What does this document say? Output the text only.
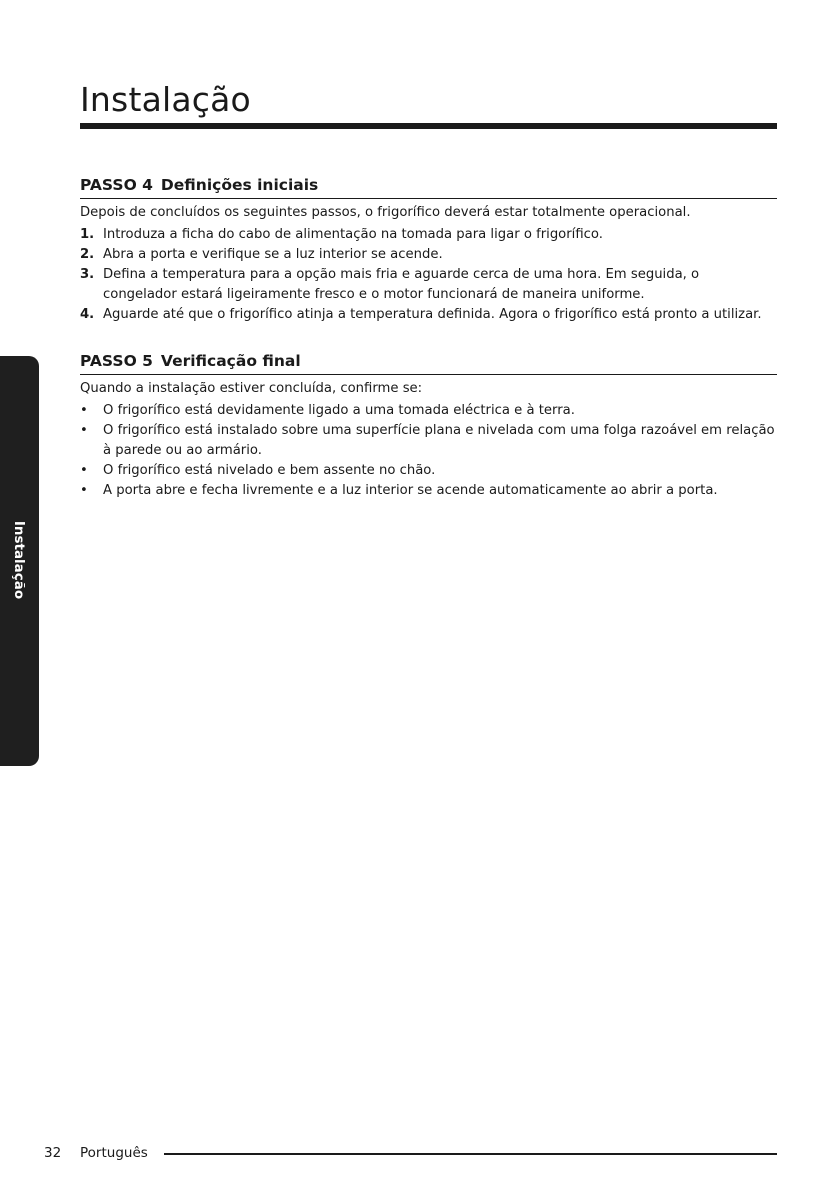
Instalação
PASSO 4 Definições iniciais

Depois de concluídos os seguintes passos, o frigorífico deverá estar totalmente operacional.

1. Introduza a ficha do cabo de alimentação na tomada para ligar o frigorífico.
2. Abra a porta e verifique se a luz interior se acende.
3. Defina a temperatura para a opção mais fria e aguarde cerca de uma hora. Em seguida, o congelador estará ligeiramente fresco e o motor funcionará de maneira uniforme.
4. Aguarde até que o frigorífico atinja a temperatura definida. Agora o frigorífico está pronto a utilizar.
PASSO 5 Verificação final

Quando a instalação estiver concluída, confirme se:

• O frigorífico está devidamente ligado a uma tomada eléctrica e à terra.
• O frigorífico está instalado sobre uma superfície plana e nivelada com uma folga razoável em relação à parede ou ao armário.
• O frigorífico está nivelado e bem assente no chão.
• A porta abre e fecha livremente e a luz interior se acende automaticamente ao abrir a porta.
Instalação
32 Português
